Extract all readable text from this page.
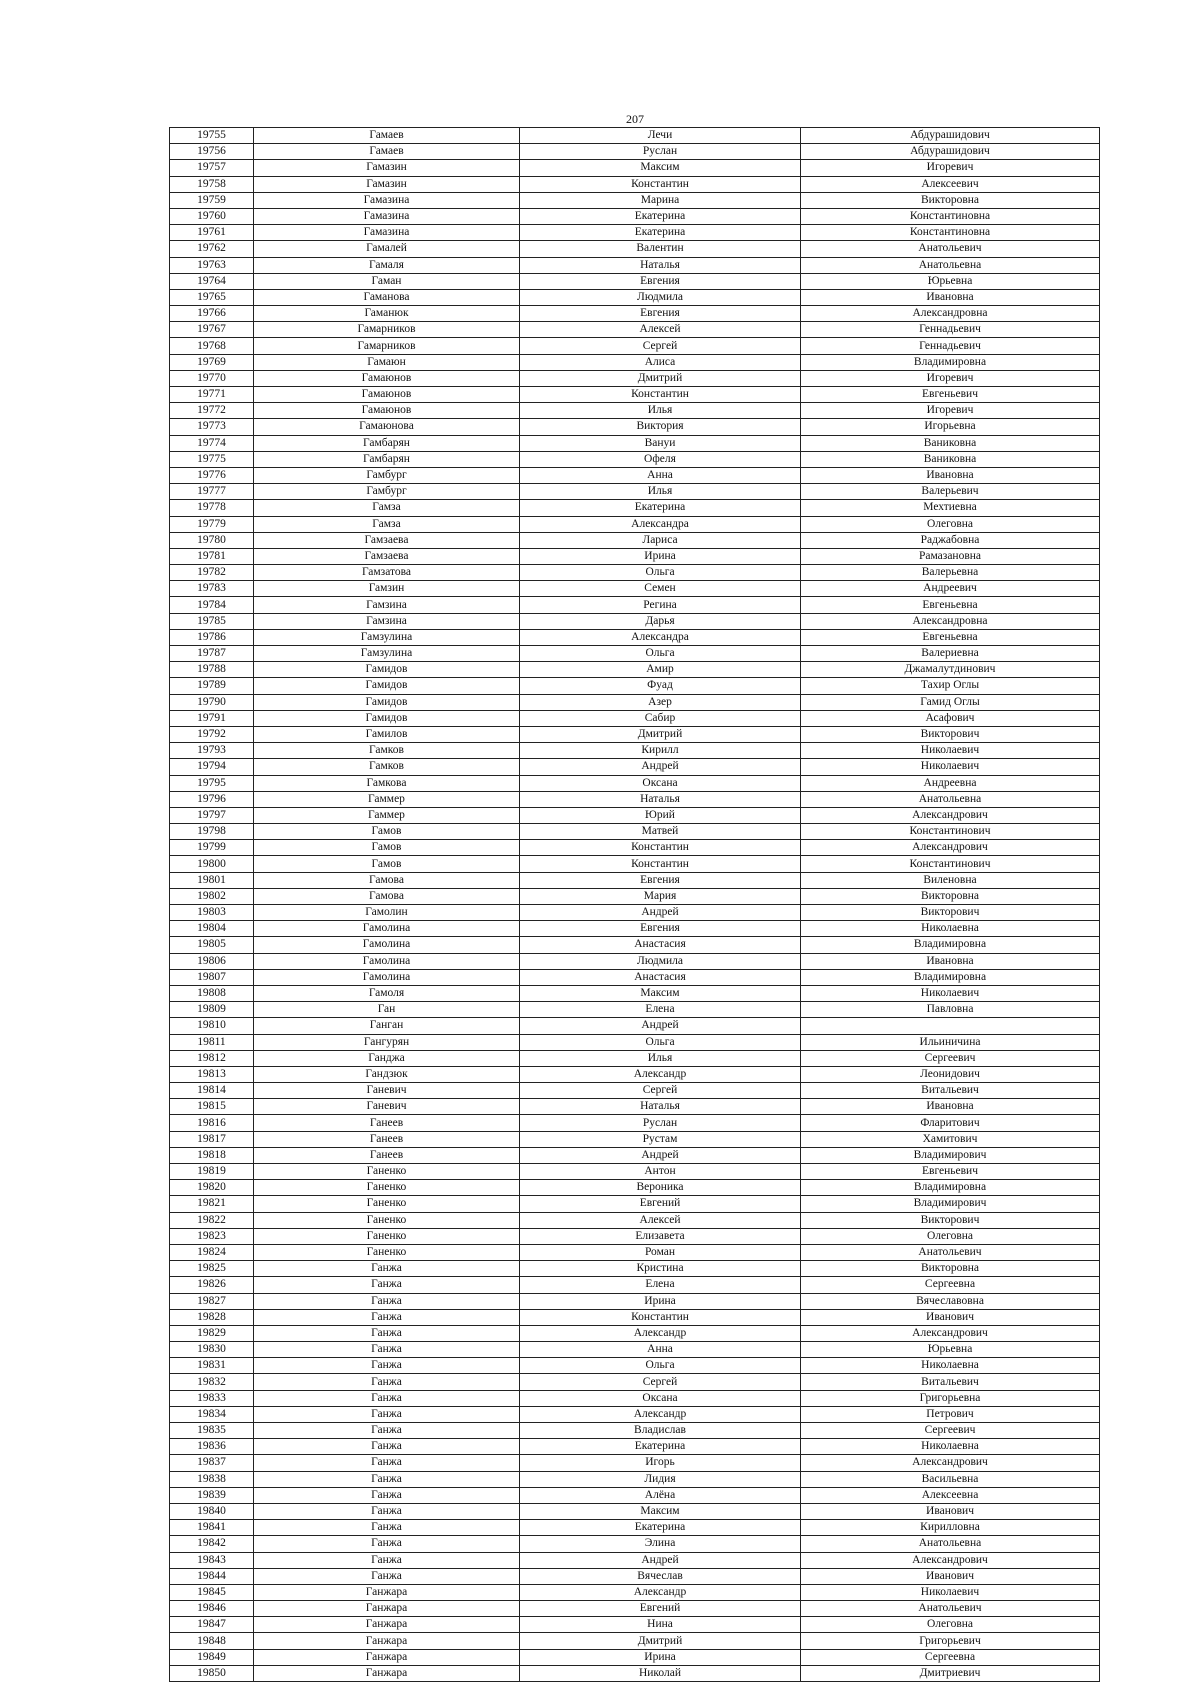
207
19755	Гамаев	Лечи	Абдурашидович
19756	Гамаев	Руслан	Абдурашидович
19757	Гамазин	Максим	Игоревич
19758	Гамазин	Константин	Алексеевич
19759	Гамазина	Марина	Викторовна
19760	Гамазина	Екатерина	Константиновна
19761	Гамазина	Екатерина	Константиновна
19762	Гамалей	Валентин	Анатольевич
19763	Гамаля	Наталья	Анатольевна
19764	Гаман	Евгения	Юрьевна
19765	Гаманова	Людмила	Ивановна
19766	Гаманюк	Евгения	Александровна
19767	Гамарников	Алексей	Геннадьевич
19768	Гамарников	Сергей	Геннадьевич
19769	Гамаюн	Алиса	Владимировна
19770	Гамаюнов	Дмитрий	Игоревич
19771	Гамаюнов	Константин	Евгеньевич
19772	Гамаюнов	Илья	Игоревич
19773	Гамаюнова	Виктория	Игорьевна
19774	Гамбарян	Вануи	Ваниковна
19775	Гамбарян	Офеля	Ваниковна
19776	Гамбург	Анна	Ивановна
19777	Гамбург	Илья	Валерьевич
19778	Гамза	Екатерина	Мехтиевна
19779	Гамза	Александра	Олеговна
19780	Гамзаева	Лариса	Раджабовна
19781	Гамзаева	Ирина	Рамазановна
19782	Гамзатова	Ольга	Валерьевна
19783	Гамзин	Семен	Андреевич
19784	Гамзина	Регина	Евгеньевна
19785	Гамзина	Дарья	Александровна
19786	Гамзулина	Александра	Евгеньевна
19787	Гамзулина	Ольга	Валериевна
19788	Гамидов	Амир	Джамалутдинович
19789	Гамидов	Фуад	Тахир Оглы
19790	Гамидов	Азер	Гамид Оглы
19791	Гамидов	Сабир	Асафович
19792	Гамилов	Дмитрий	Викторович
19793	Гамков	Кирилл	Николаевич
19794	Гамков	Андрей	Николаевич
19795	Гамкова	Оксана	Андреевна
19796	Гаммер	Наталья	Анатольевна
19797	Гаммер	Юрий	Александрович
19798	Гамов	Матвей	Константинович
19799	Гамов	Константин	Александрович
19800	Гамов	Константин	Константинович
19801	Гамова	Евгения	Виленовна
19802	Гамова	Мария	Викторовна
19803	Гамолин	Андрей	Викторович
19804	Гамолина	Евгения	Николаевна
19805	Гамолина	Анастасия	Владимировна
19806	Гамолина	Людмила	Ивановна
19807	Гамолина	Анастасия	Владимировна
19808	Гамоля	Максим	Николаевич
19809	Ган	Елена	Павловна
19810	Ганган	Андрей	
19811	Гангурян	Ольга	Ильиничина
19812	Ганджа	Илья	Сергеевич
19813	Гандзюк	Александр	Леонидович
19814	Ганевич	Сергей	Витальевич
19815	Ганевич	Наталья	Ивановна
19816	Ганеев	Руслан	Фларитович
19817	Ганеев	Рустам	Хамитович
19818	Ганеев	Андрей	Владимирович
19819	Ганенко	Антон	Евгеньевич
19820	Ганенко	Вероника	Владимировна
19821	Ганенко	Евгений	Владимирович
19822	Ганенко	Алексей	Викторович
19823	Ганенко	Елизавета	Олеговна
19824	Ганенко	Роман	Анатольевич
19825	Ганжа	Кристина	Викторовна
19826	Ганжа	Елена	Сергеевна
19827	Ганжа	Ирина	Вячеславовна
19828	Ганжа	Константин	Иванович
19829	Ганжа	Александр	Александрович
19830	Ганжа	Анна	Юрьевна
19831	Ганжа	Ольга	Николаевна
19832	Ганжа	Сергей	Витальевич
19833	Ганжа	Оксана	Григорьевна
19834	Ганжа	Александр	Петрович
19835	Ганжа	Владислав	Сергеевич
19836	Ганжа	Екатерина	Николаевна
19837	Ганжа	Игорь	Александрович
19838	Ганжа	Лидия	Васильевна
19839	Ганжа	Алёна	Алексеевна
19840	Ганжа	Максим	Иванович
19841	Ганжа	Екатерина	Кирилловна
19842	Ганжа	Элина	Анатольевна
19843	Ганжа	Андрей	Александрович
19844	Ганжа	Вячеслав	Иванович
19845	Ганжара	Александр	Николаевич
19846	Ганжара	Евгений	Анатольевич
19847	Ганжара	Нина	Олеговна
19848	Ганжара	Дмитрий	Григорьевич
19849	Ганжара	Ирина	Сергеевна
19850	Ганжара	Николай	Дмитриевич
